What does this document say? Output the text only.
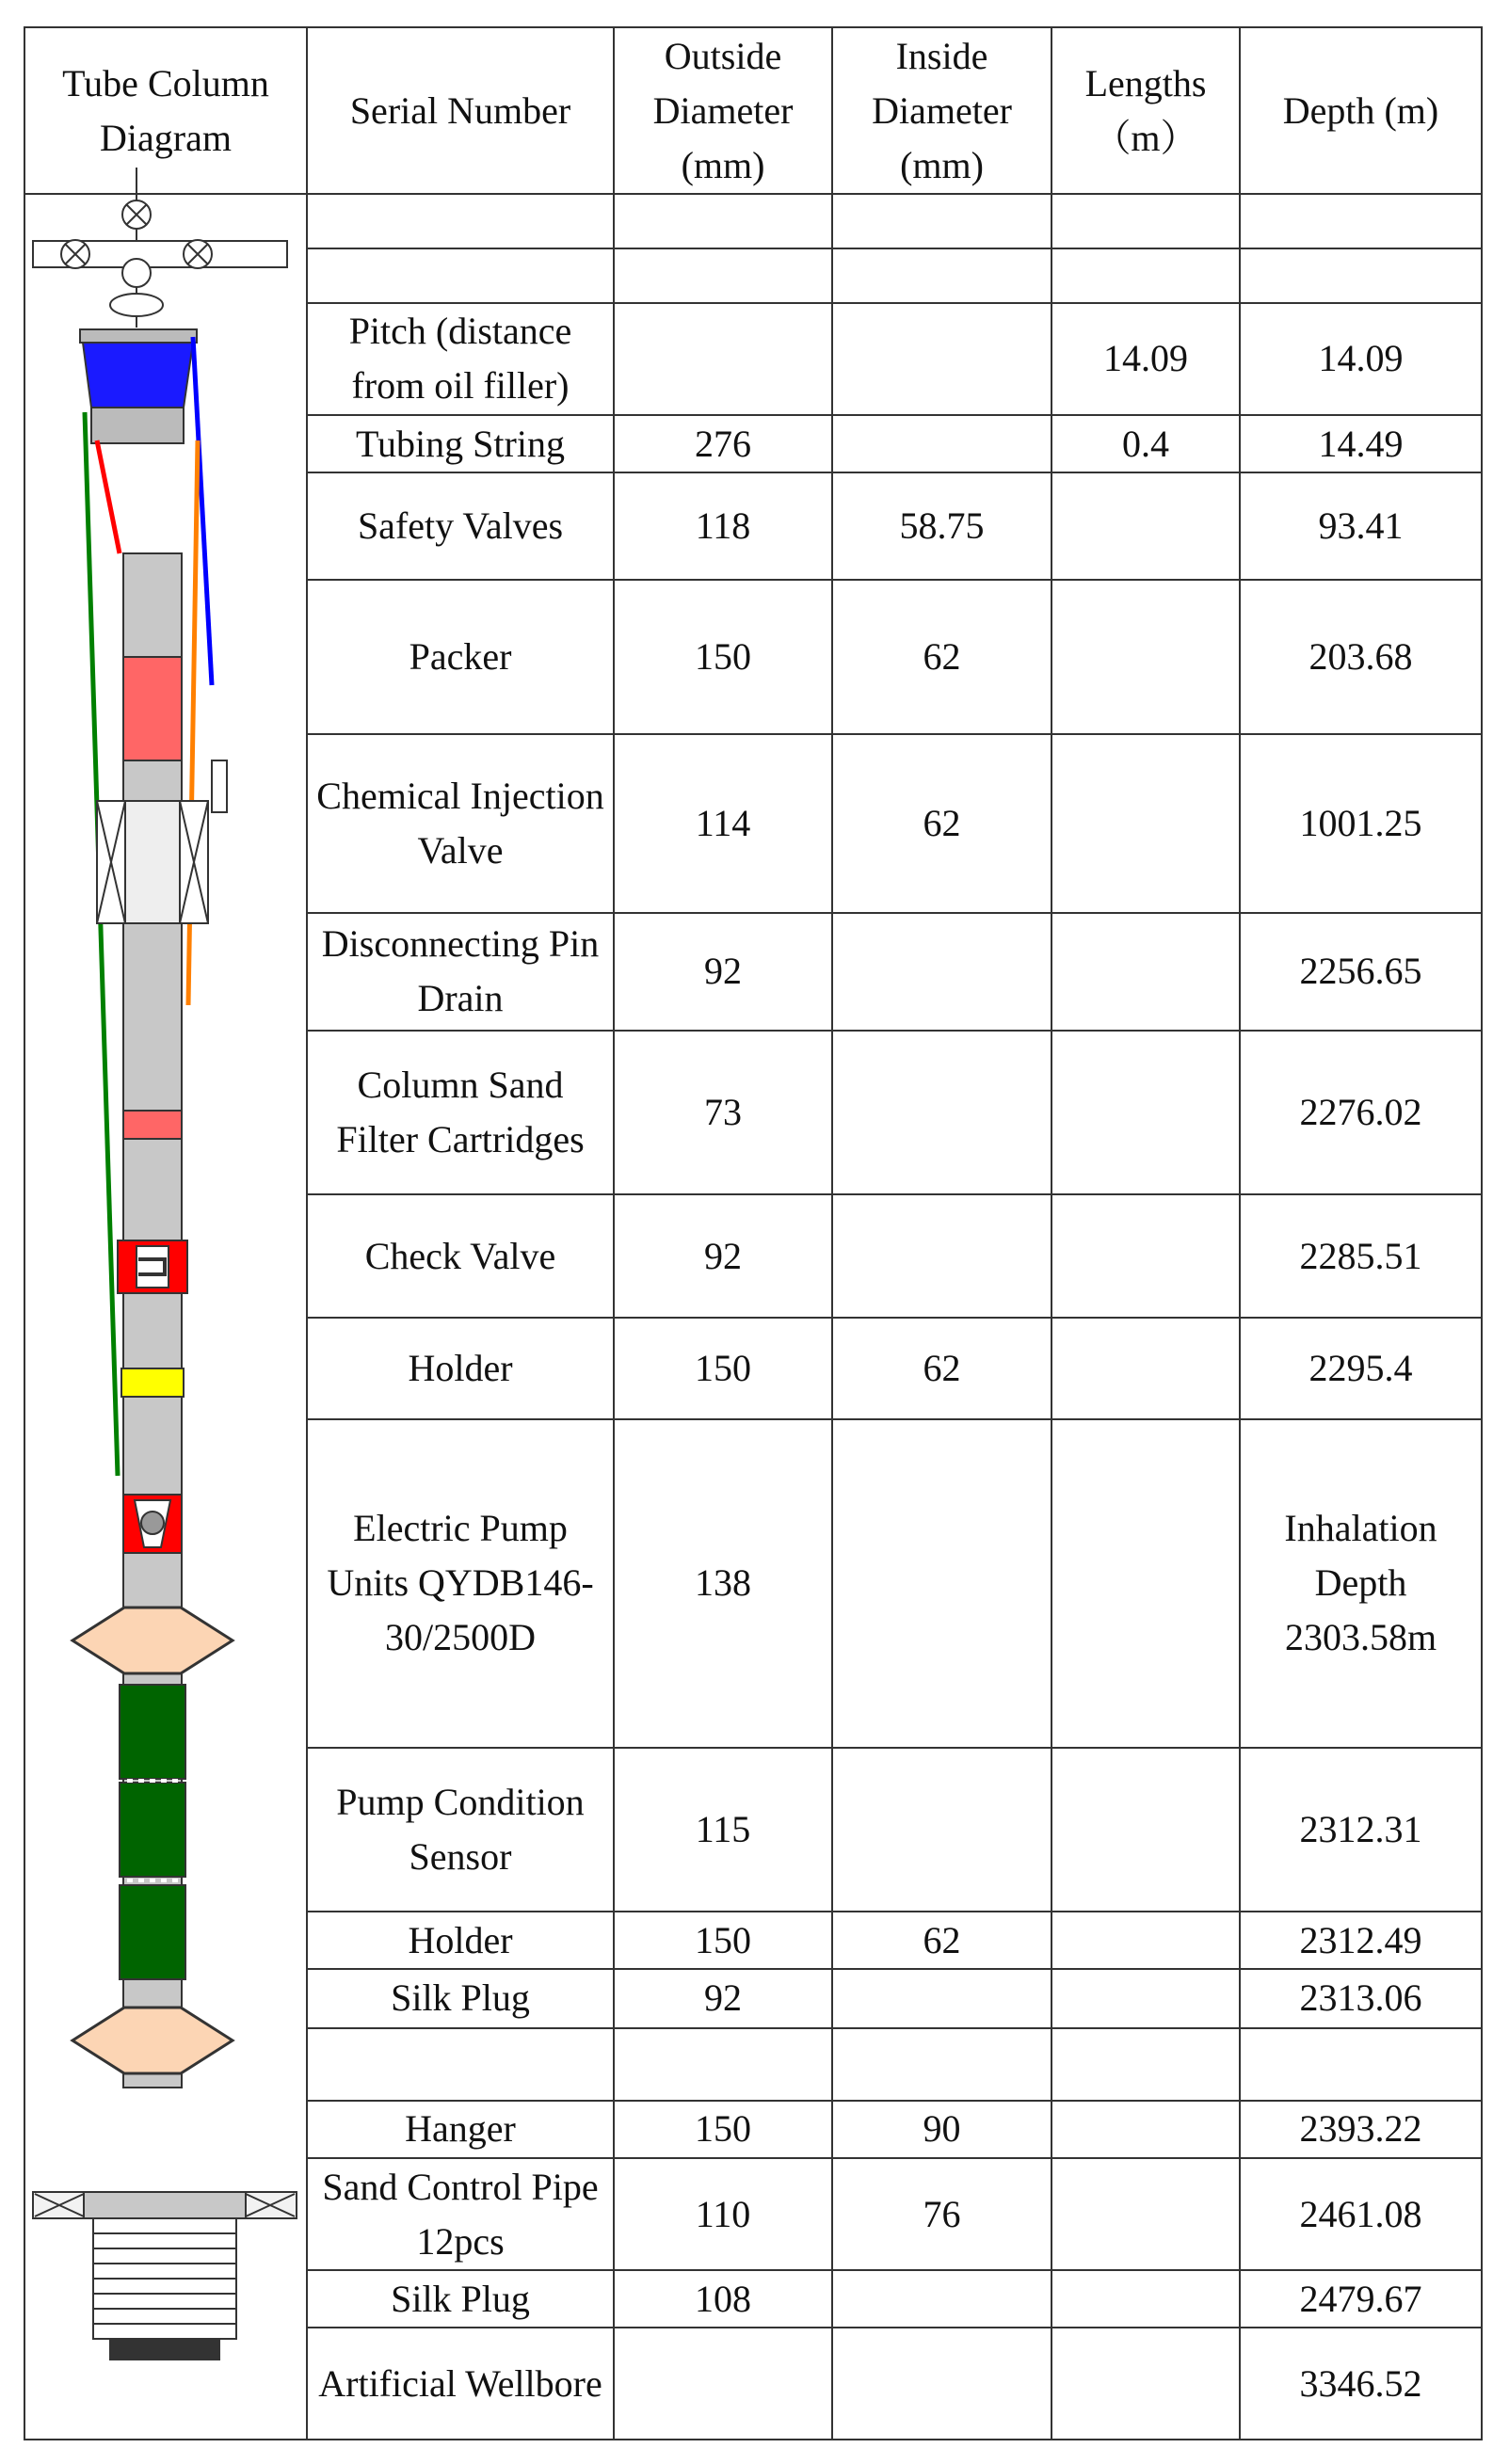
Tube Column Diagram	Serial Number	Outside Diameter (mm)	Inside Diameter (mm)	Lengths（m）	Depth (m)

	Pitch (distance from oil filler)			14.09	14.09
	Tubing String	276		0.4	14.49
	Safety Valves	118	58.75		93.41
	Packer	150	62		203.68
	Chemical Injection Valve	114	62		1001.25
	Disconnecting Pin Drain	92			2256.65
	Column Sand Filter Cartridges	73			2276.02
	Check Valve	92			2285.51
	Holder	150	62		2295.4
	Electric Pump Units QYDB146-30/2500D	138			Inhalation Depth 2303.58m
	Pump Condition Sensor	115			2312.31
	Holder	150	62		2312.49
	Silk Plug	92			2313.06

	Hanger	150	90		2393.22
	Sand Control Pipe 12pcs	110	76		2461.08
	Silk Plug	108			2479.67
	Artificial Wellbore				3346.52
